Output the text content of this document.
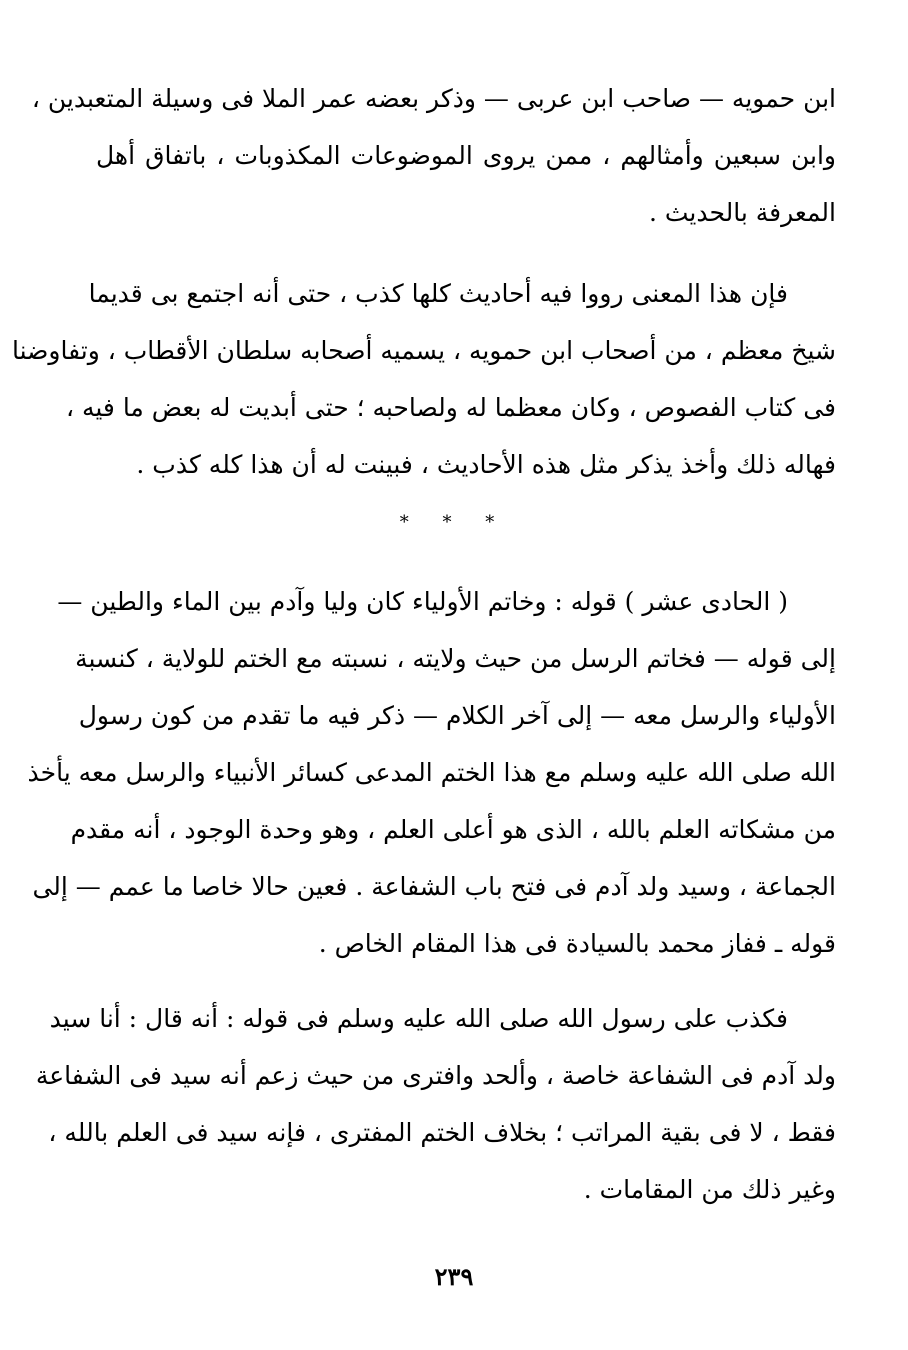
ابن حمويه — صاحب ابن عربى — وذكر بعضه عمر الملا فى وسيلة المتعبدين ،
وابن سبعين وأمثالهم ، ممن يروى الموضوعات المكذوبات ، باتفاق أهل
المعرفة بالحديث .
فإن هذا المعنى رووا فيه أحاديث كلها كذب ، حتى أنه اجتمع بى قديما
شيخ معظم ، من أصحاب ابن حمويه ، يسميه أصحابه سلطان الأقطاب ، وتفاوضنا
فى كتاب الفصوص ، وكان معظما له ولصاحبه ؛ حتى أبديت له بعض ما فيه ،
فهاله ذلك وأخذ يذكر مثل هذه الأحاديث ، فبينت له أن هذا كله كذب .
* * *
( الحادى عشر ) قوله : وخاتم الأولياء كان وليا وآدم بين الماء والطين —
إلى قوله — فخاتم الرسل من حيث ولايته ، نسبته مع الختم للولاية ، كنسبة
الأولياء والرسل معه — إلى آخر الكلام — ذكر فيه ما تقدم من كون رسول
الله صلى الله عليه وسلم مع هذا الختم المدعى كسائر الأنبياء والرسل معه يأخذ
من مشكاته العلم بالله ، الذى هو أعلى العلم ، وهو وحدة الوجود ، أنه مقدم
الجماعة ، وسيد ولد آدم فى فتح باب الشفاعة . فعين حالا خاصا ما عمم — إلى
قوله ـ ففاز محمد بالسيادة فى هذا المقام الخاص .
فكذب على رسول الله صلى الله عليه وسلم فى قوله : أنه قال : أنا سيد
ولد آدم فى الشفاعة خاصة ، وألحد وافترى من حيث زعم أنه سيد فى الشفاعة
فقط ، لا فى بقية المراتب ؛ بخلاف الختم المفترى ، فإنه سيد فى العلم بالله ،
وغير ذلك من المقامات .
٢٣٩
